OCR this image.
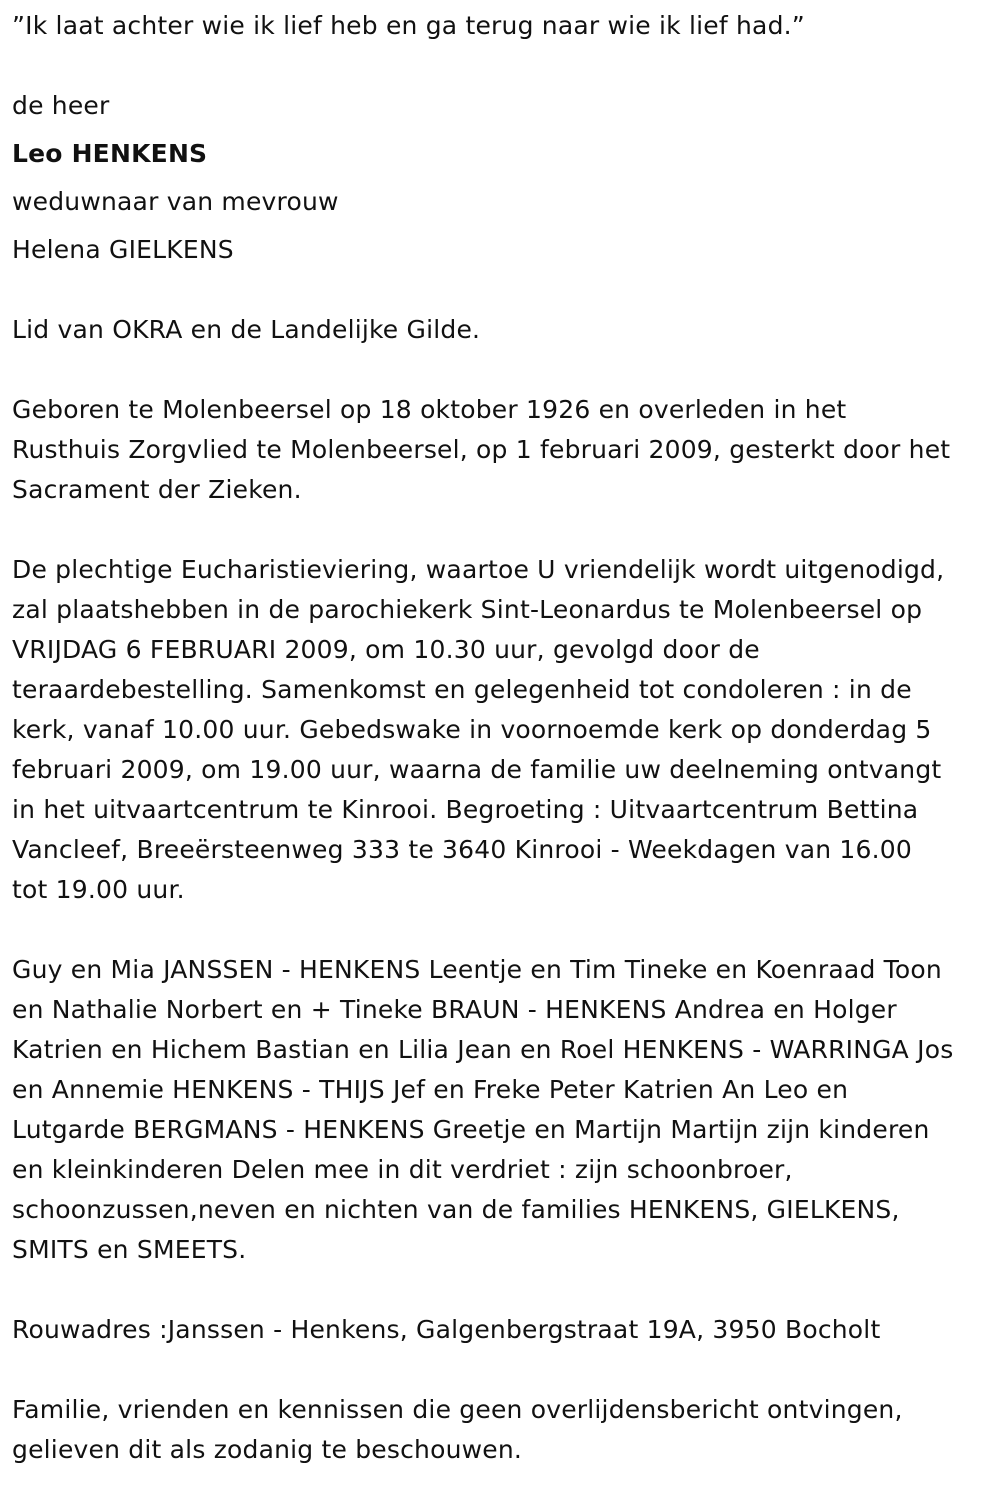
”Ik laat achter wie ik lief heb en ga terug naar wie ik lief had.”
de heer
Leo HENKENS
weduwnaar van mevrouw
Helena GIELKENS
Lid van OKRA en de Landelijke Gilde.

Geboren te Molenbeersel op 18 oktober 1926 en overleden in het
Rusthuis Zorgvlied te Molenbeersel, op 1 februari 2009, gesterkt door het
Sacrament der Zieken.

De plechtige Eucharistieviering, waartoe U vriendelijk wordt uitgenodigd,
zal plaatshebben in de parochiekerk Sint-Leonardus te Molenbeersel op
VRIJDAG 6 FEBRUARI 2009, om 10.30 uur, gevolgd door de
teraardebestelling. Samenkomst en gelegenheid tot condoleren : in de
kerk, vanaf 10.00 uur. Gebedswake in voornoemde kerk op donderdag 5
februari 2009, om 19.00 uur, waarna de familie uw deelneming ontvangt
in het uitvaartcentrum te Kinrooi. Begroeting : Uitvaartcentrum Bettina
Vancleef, Breeërsteenweg 333 te 3640 Kinrooi - Weekdagen van 16.00
tot 19.00 uur.

Guy en Mia JANSSEN - HENKENS Leentje en Tim Tineke en Koenraad Toon
en Nathalie Norbert en + Tineke BRAUN - HENKENS Andrea en Holger
Katrien en Hichem Bastian en Lilia Jean en Roel HENKENS - WARRINGA Jos
en Annemie HENKENS - THIJS Jef en Freke Peter Katrien An Leo en
Lutgarde BERGMANS - HENKENS Greetje en Martijn Martijn zijn kinderen
en kleinkinderen Delen mee in dit verdriet : zijn schoonbroer,
schoonzussen,neven en nichten van de families HENKENS, GIELKENS,
SMITS en SMEETS.

Rouwadres :Janssen - Henkens, Galgenbergstraat 19A, 3950 Bocholt

Familie, vrienden en kennissen die geen overlijdensbericht ontvingen,
gelieven dit als zodanig te beschouwen.
